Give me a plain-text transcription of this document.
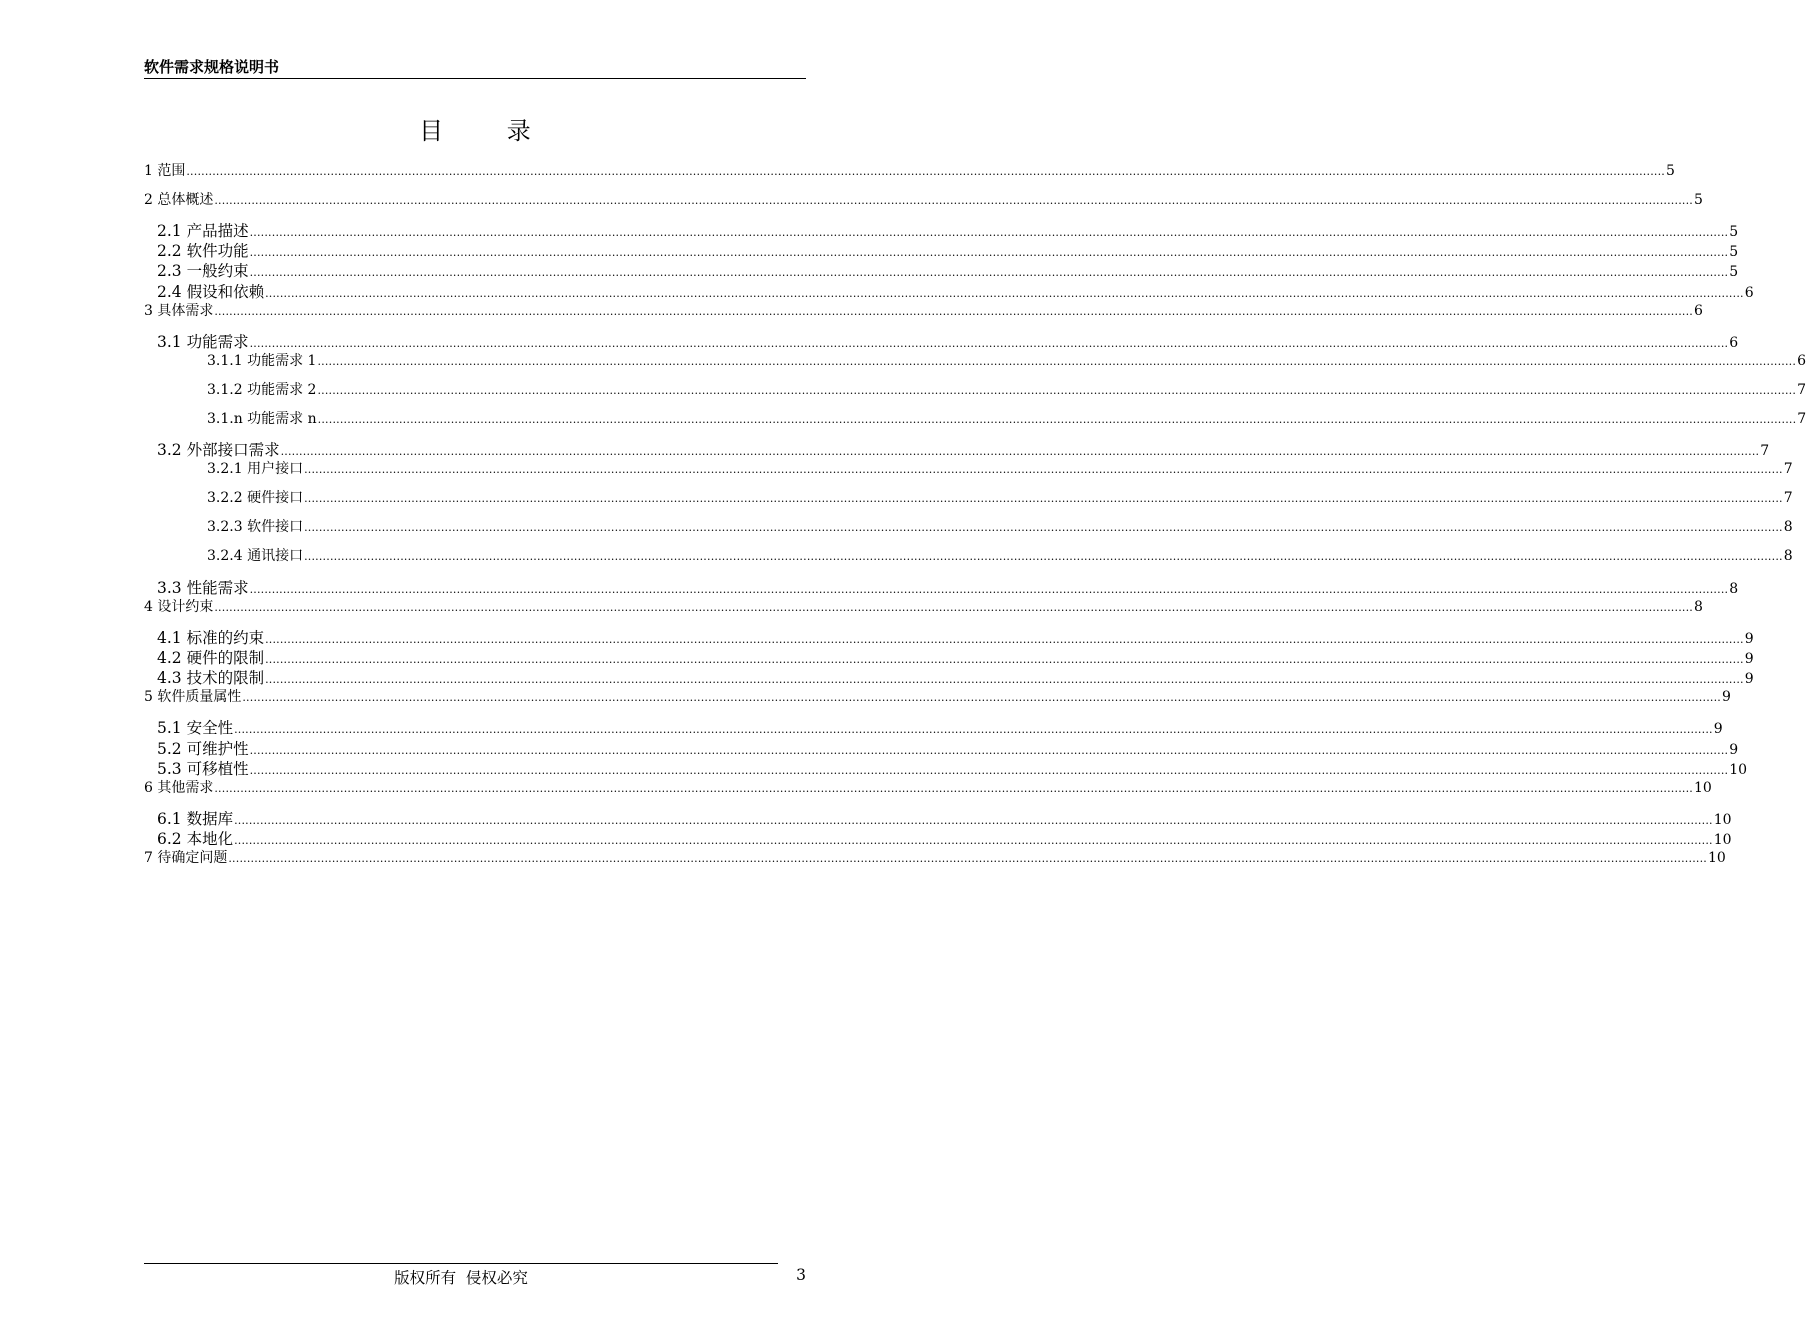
软件需求规格说明书
目 录
1 范围 ................................................................................................................................................................................................................................................................................................................................................................................................................ 5
2 总体概述 ................................................................................................................................................................................................................................................................................................................................................................................................................ 5
2.1 产品描述 ................................................................................................................................................................................................................................................................................................................................................................................................................ 5
2.2 软件功能 ................................................................................................................................................................................................................................................................................................................................................................................................................ 5
2.3 一般约束 ................................................................................................................................................................................................................................................................................................................................................................................................................ 5
2.4 假设和依赖 ................................................................................................................................................................................................................................................................................................................................................................................................................ 6
3 具体需求 ................................................................................................................................................................................................................................................................................................................................................................................................................ 6
3.1 功能需求 ................................................................................................................................................................................................................................................................................................................................................................................................................ 6
3.1.1 功能需求 1 ................................................................................................................................................................................................................................................................................................................................................................................................................ 6
3.1.2 功能需求 2 ................................................................................................................................................................................................................................................................................................................................................................................................................ 7
3.1.n 功能需求 n ................................................................................................................................................................................................................................................................................................................................................................................................................ 7
3.2 外部接口需求 ................................................................................................................................................................................................................................................................................................................................................................................................................ 7
3.2.1 用户接口 ................................................................................................................................................................................................................................................................................................................................................................................................................ 7
3.2.2 硬件接口 ................................................................................................................................................................................................................................................................................................................................................................................................................ 7
3.2.3 软件接口 ................................................................................................................................................................................................................................................................................................................................................................................................................ 8
3.2.4 通讯接口 ................................................................................................................................................................................................................................................................................................................................................................................................................ 8
3.3 性能需求 ................................................................................................................................................................................................................................................................................................................................................................................................................ 8
4 设计约束 ................................................................................................................................................................................................................................................................................................................................................................................................................ 8
4.1 标准的约束 ................................................................................................................................................................................................................................................................................................................................................................................................................ 9
4.2 硬件的限制 ................................................................................................................................................................................................................................................................................................................................................................................................................ 9
4.3 技术的限制 ................................................................................................................................................................................................................................................................................................................................................................................................................ 9
5 软件质量属性 ................................................................................................................................................................................................................................................................................................................................................................................................................ 9
5.1 安全性 ................................................................................................................................................................................................................................................................................................................................................................................................................ 9
5.2 可维护性 ................................................................................................................................................................................................................................................................................................................................................................................................................ 9
5.3 可移植性 ................................................................................................................................................................................................................................................................................................................................................................................................................ 10
6 其他需求 ................................................................................................................................................................................................................................................................................................................................................................................................................ 10
6.1 数据库 ................................................................................................................................................................................................................................................................................................................................................................................................................ 10
6.2 本地化 ................................................................................................................................................................................................................................................................................................................................................................................................................ 10
7 待确定问题 ................................................................................................................................................................................................................................................................................................................................................................................................................ 10
版权所有  侵权必究	3
